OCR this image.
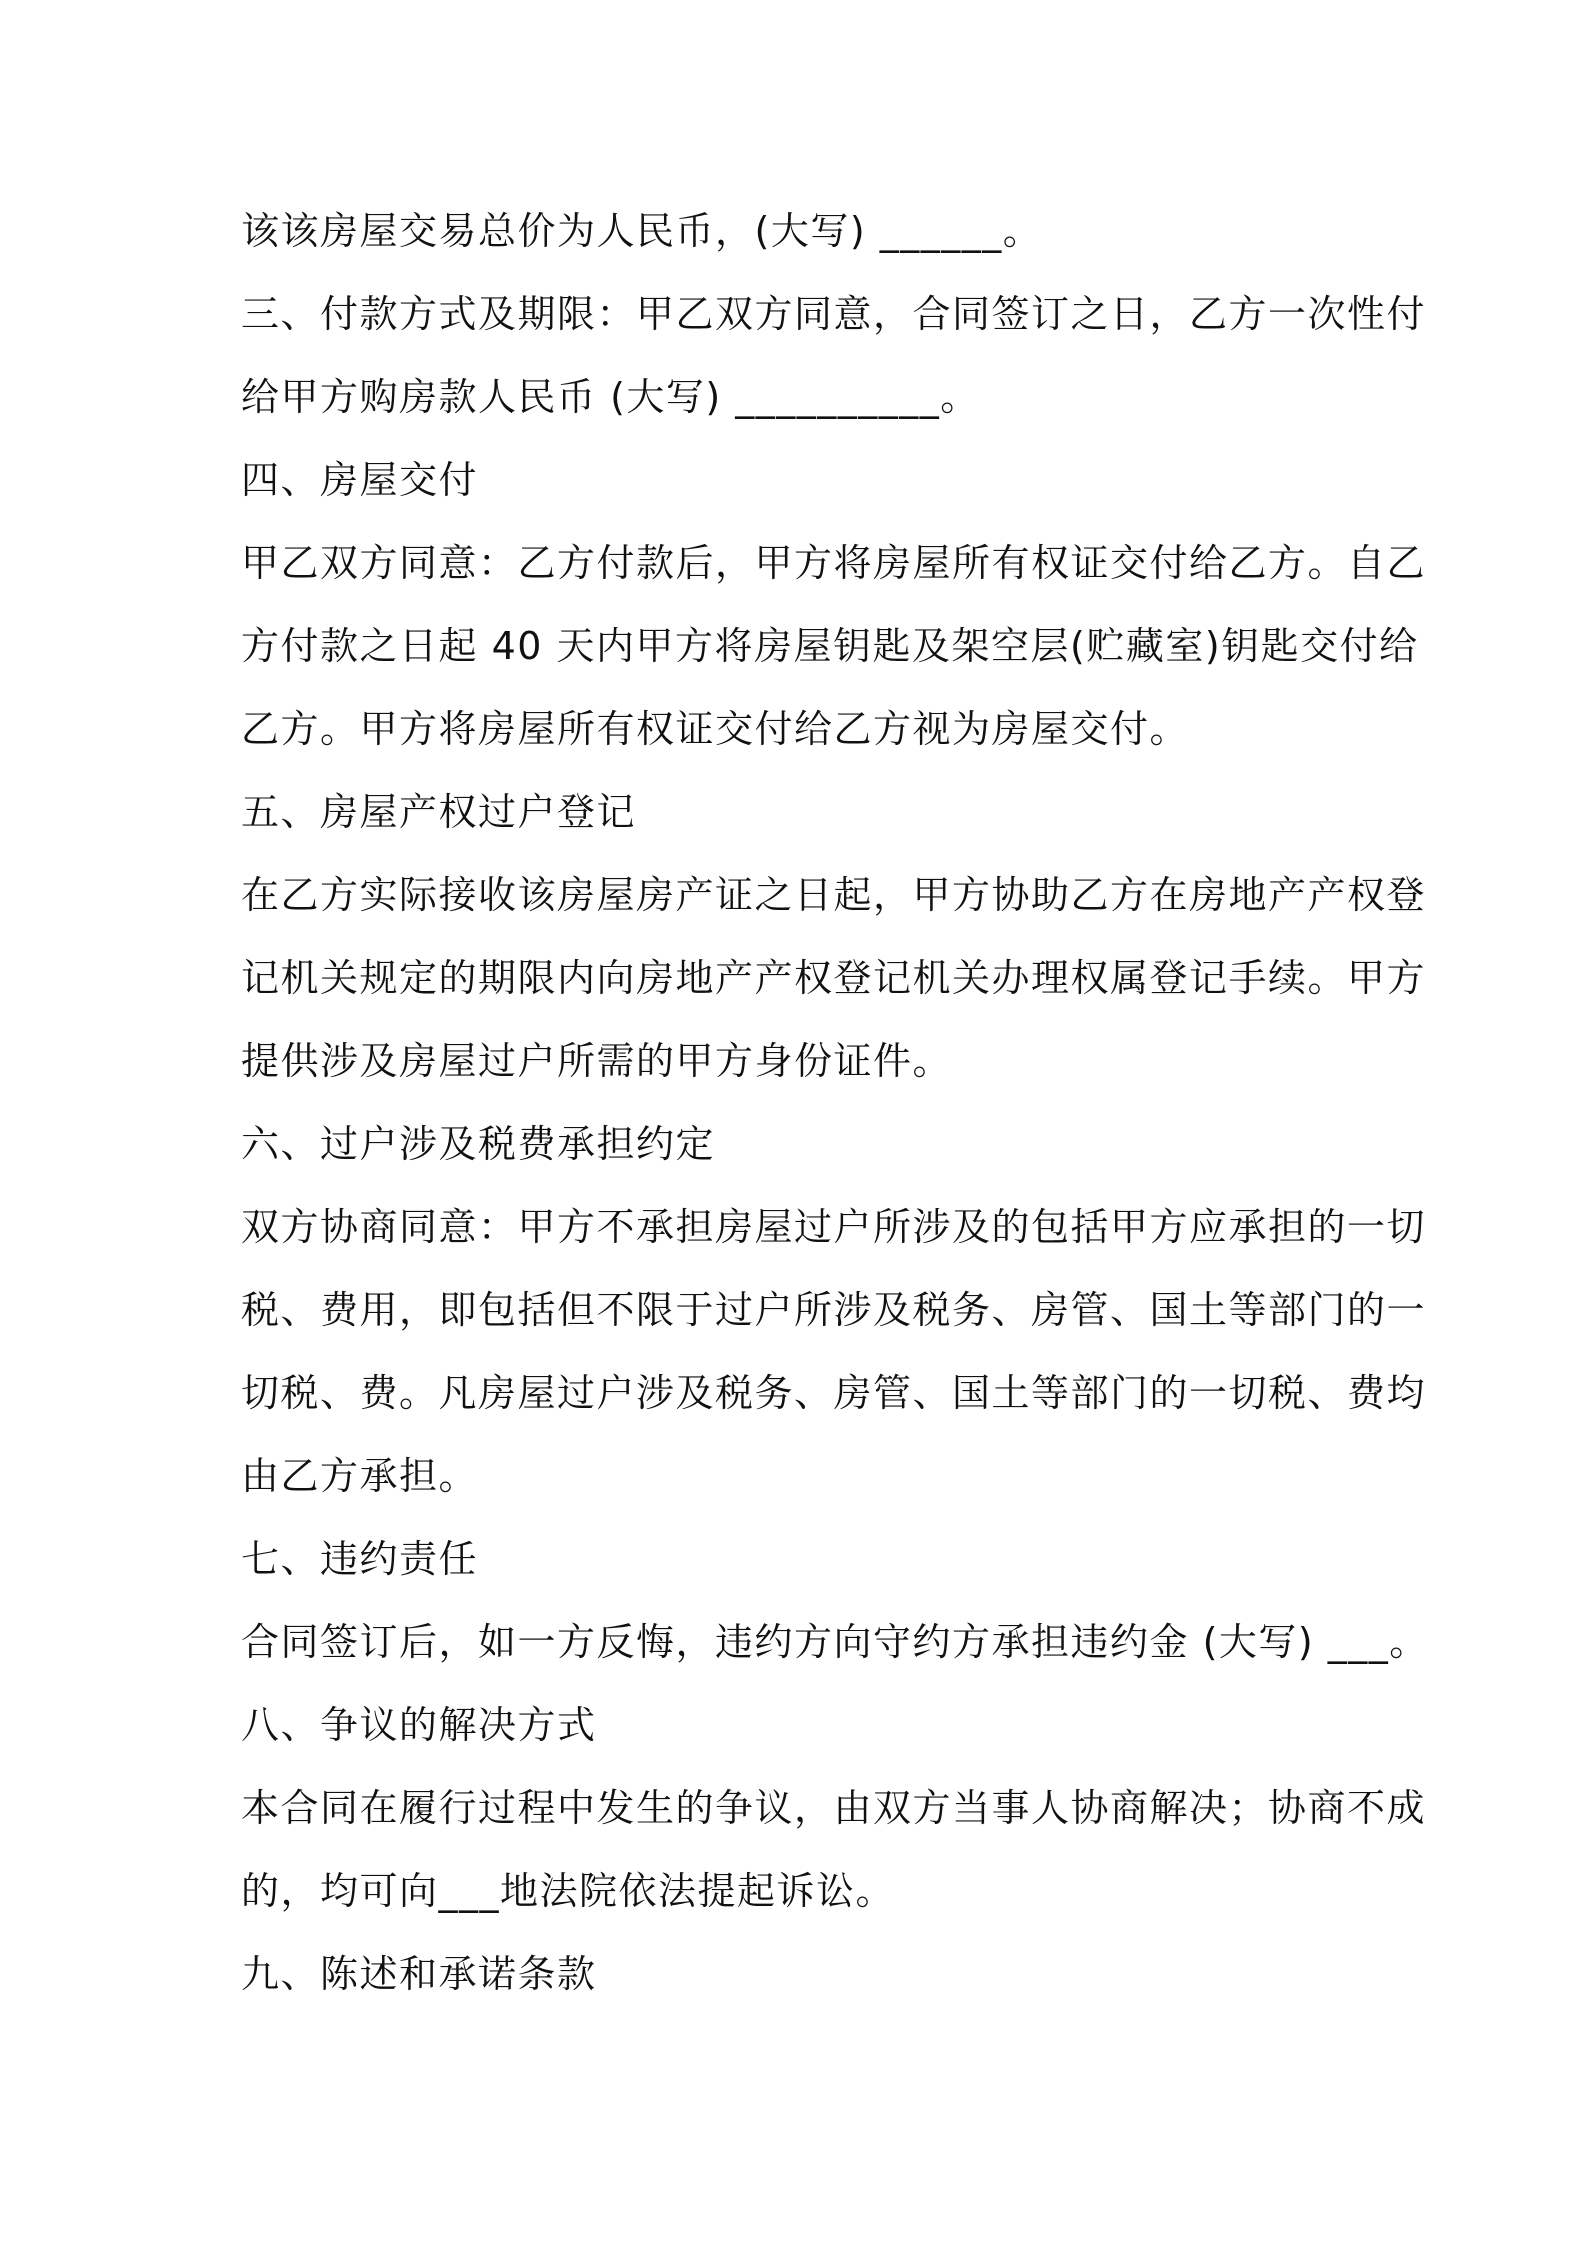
该该房屋交易总价为人民币，(大写) ______。
三、付款方式及期限：甲乙双方同意，合同签订之日，乙方一次性付
给甲方购房款人民币 (大写) __________。
四、房屋交付
甲乙双方同意：乙方付款后，甲方将房屋所有权证交付给乙方。自乙
方付款之日起 40 天内甲方将房屋钥匙及架空层(贮藏室)钥匙交付给
乙方。甲方将房屋所有权证交付给乙方视为房屋交付。
五、房屋产权过户登记
在乙方实际接收该房屋房产证之日起，甲方协助乙方在房地产产权登
记机关规定的期限内向房地产产权登记机关办理权属登记手续。甲方
提供涉及房屋过户所需的甲方身份证件。
六、过户涉及税费承担约定
双方协商同意：甲方不承担房屋过户所涉及的包括甲方应承担的一切
税、费用，即包括但不限于过户所涉及税务、房管、国土等部门的一
切税、费。凡房屋过户涉及税务、房管、国土等部门的一切税、费均
由乙方承担。
七、违约责任
合同签订后，如一方反悔，违约方向守约方承担违约金 (大写) ___。
八、争议的解决方式
本合同在履行过程中发生的争议，由双方当事人协商解决；协商不成
的，均可向___地法院依法提起诉讼。
九、陈述和承诺条款
